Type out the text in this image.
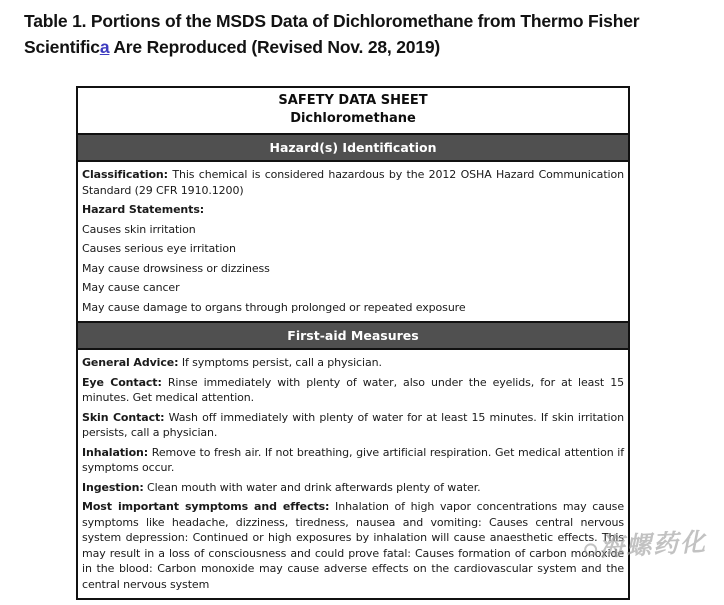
Table 1. Portions of the MSDS Data of Dichloromethane from Thermo Fisher Scientifica Are Reproduced (Revised Nov. 28, 2019)
SAFETY DATA SHEET
Dichloromethane
Hazard(s) Identification

Classification: This chemical is considered hazardous by the 2012 OSHA Hazard Communication Standard (29 CFR 1910.1200)

Hazard Statements:

Causes skin irritation

Causes serious eye irritation

May cause drowsiness or dizziness

May cause cancer

May cause damage to organs through prolonged or repeated exposure

First-aid Measures

General Advice: If symptoms persist, call a physician.

Eye Contact: Rinse immediately with plenty of water, also under the eyelids, for at least 15 minutes. Get medical attention.

Skin Contact: Wash off immediately with plenty of water for at least 15 minutes. If skin irritation persists, call a physician.

Inhalation: Remove to fresh air. If not breathing, give artificial respiration. Get medical attention if symptoms occur.

Ingestion: Clean mouth with water and drink afterwards plenty of water.

Most important symptoms and effects: Inhalation of high vapor concentrations may cause symptoms like headache, dizziness, tiredness, nausea and vomiting: Causes central nervous system depression: Continued or high exposures by inhalation will cause anaesthetic effects. This may result in a loss of consciousness and could prove fatal: Causes formation of carbon monoxide in the blood: Carbon monoxide may cause adverse effects on the cardiovascular system and the central nervous system

海螺药化
